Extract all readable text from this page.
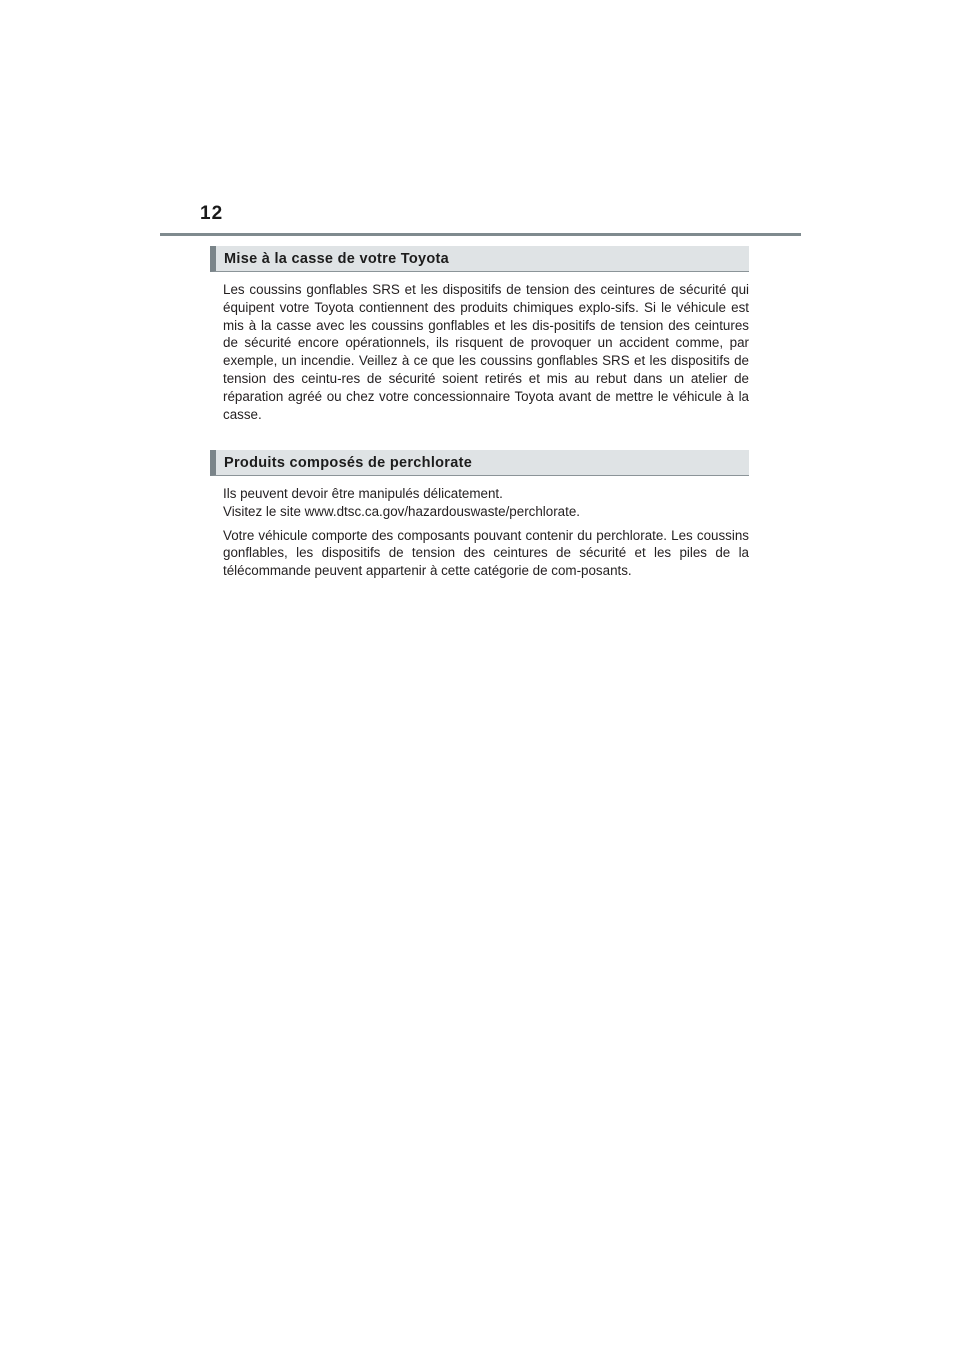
12
Mise à la casse de votre Toyota

Les coussins gonflables SRS et les dispositifs de tension des ceintures de sécurité qui équipent votre Toyota contiennent des produits chimiques explo-sifs. Si le véhicule est mis à la casse avec les coussins gonflables et les dis-positifs de tension des ceintures de sécurité encore opérationnels, ils risquent de provoquer un accident comme, par exemple, un incendie. Veillez à ce que les coussins gonflables SRS et les dispositifs de tension des ceintu-res de sécurité soient retirés et mis au rebut dans un atelier de réparation agréé ou chez votre concessionnaire Toyota avant de mettre le véhicule à la casse.

Produits composés de perchlorate

Ils peuvent devoir être manipulés délicatement.

Visitez le site www.dtsc.ca.gov/hazardouswaste/perchlorate.

Votre véhicule comporte des composants pouvant contenir du perchlorate. Les coussins gonflables, les dispositifs de tension des ceintures de sécurité et les piles de la télécommande peuvent appartenir à cette catégorie de com-posants.
